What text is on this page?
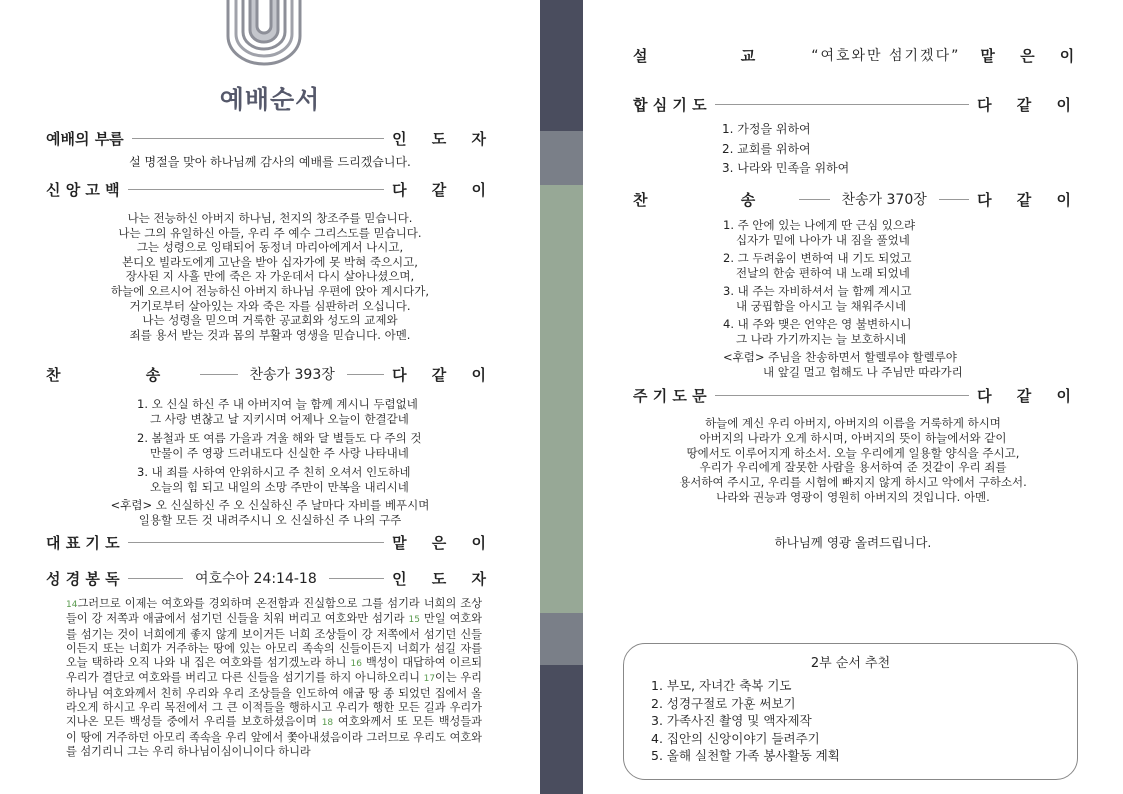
예배순서
예배의 부름	인 도 자
설 명절을 맞아 하나님께 감사의 예배를 드리겠습니다.
신 앙 고 백	다 같 이
나는 전능하신 아버지 하나님, 천지의 창조주를 믿습니다.
나는 그의 유일하신 아들, 우리 주 예수 그리스도를 믿습니다.
그는 성령으로 잉태되어 동정녀 마리아에게서 나시고,
본디오 빌라도에게 고난을 받아 십자가에 못 박혀 죽으시고,
장사된 지 사흘 만에 죽은 자 가운데서 다시 살아나셨으며,
하늘에 오르시어 전능하신 아버지 하나님 우편에 앉아 계시다가,
거기로부터 살아있는 자와 죽은 자를 심판하러 오십니다.
나는 성령을 믿으며 거룩한 공교회와 성도의 교제와
죄를 용서 받는 것과 몸의 부활과 영생을 믿습니다. 아멘.
찬 송	찬송가 393장	다 같 이
1. 오 신실 하신 주 내 아버지여 늘 함께 계시니 두렴없네
그 사랑 변찮고 날 지키시며 어제나 오늘이 한결같네
2. 봄철과 또 여름 가을과 겨울 해와 달 별들도 다 주의 것
만물이 주 영광 드러내도다 신실한 주 사랑 나타내네
3. 내 죄를 사하여 안위하시고 주 친히 오셔서 인도하네
오늘의 힘 되고 내일의 소망 주만이 만복을 내리시네
<후렴> 오 신실하신 주 오 신실하신 주 날마다 자비를 베푸시며
일용할 모든 것 내려주시니 오 신실하신 주 나의 구주
대 표 기 도	맡 은 이
성 경 봉 독	여호수아 24:14-18	인 도 자
14그러므로 이제는 여호와를 경외하며 온전함과 진실함으로 그를 섬기라 너희의 조상들이 강 저쪽과 애굽에서 섬기던 신들을 치워 버리고 여호와만 섬기라 15 만일 여호와를 섬기는 것이 너희에게 좋지 않게 보이거든 너희 조상들이 강 저쪽에서 섬기던 신들이든지 또는 너희가 거주하는 땅에 있는 아모리 족속의 신들이든지 너희가 섬길 자를 오늘 택하라 오직 나와 내 집은 여호와를 섬기겠노라 하니 16 백성이 대답하여 이르되 우리가 결단코 여호와를 버리고 다른 신들을 섬기기를 하지 아니하오리니 17이는 우리 하나님 여호와께서 친히 우리와 우리 조상들을 인도하여 애굽 땅 종 되었던 집에서 올라오게 하시고 우리 목전에서 그 큰 이적들을 행하시고 우리가 행한 모든 길과 우리가 지나온 모든 백성들 중에서 우리를 보호하셨음이며 18 여호와께서 또 모든 백성들과 이 땅에 거주하던 아모리 족속을 우리 앞에서 쫓아내셨음이라 그러므로 우리도 여호와를 섬기리니 그는 우리 하나님이심이니이다 하니라
설 교 “여호와만 섬기겠다” 맡 은 이
합 심 기 도	다 같 이
1. 가정을 위하여
2. 교회를 위하여
3. 나라와 민족을 위하여
찬 송	찬송가 370장	다 같 이
1. 주 안에 있는 나에게 딴 근심 있으랴
십자가 밑에 나아가 내 짐을 풀었네
2. 그 두려움이 변하여 내 기도 되었고
전날의 한숨 편하여 내 노래 되었네
3. 내 주는 자비하셔서 늘 함께 계시고
내 궁핍함을 아시고 늘 채워주시네
4. 내 주와 맺은 언약은 영 불변하시니
그 나라 가기까지는 늘 보호하시네
<후렴> 주님을 찬송하면서 할렐루야 할렐루야
내 앞길 멀고 험해도 나 주님만 따라가리
주 기 도 문	다 같 이
하늘에 계신 우리 아버지, 아버지의 이름을 거룩하게 하시며
아버지의 나라가 오게 하시며, 아버지의 뜻이 하늘에서와 같이
땅에서도 이루어지게 하소서. 오늘 우리에게 일용할 양식을 주시고,
우리가 우리에게 잘못한 사람을 용서하여 준 것같이 우리 죄를
용서하여 주시고, 우리를 시험에 빠지지 않게 하시고 악에서 구하소서.
나라와 권능과 영광이 영원히 아버지의 것입니다. 아멘.
하나님께 영광 올려드립니다.
2부 순서 추천
1. 부모, 자녀간 축복 기도
2. 성경구절로 가훈 써보기
3. 가족사진 촬영 및 액자제작
4. 집안의 신앙이야기 들려주기
5. 올해 실천할 가족 봉사활동 계획
